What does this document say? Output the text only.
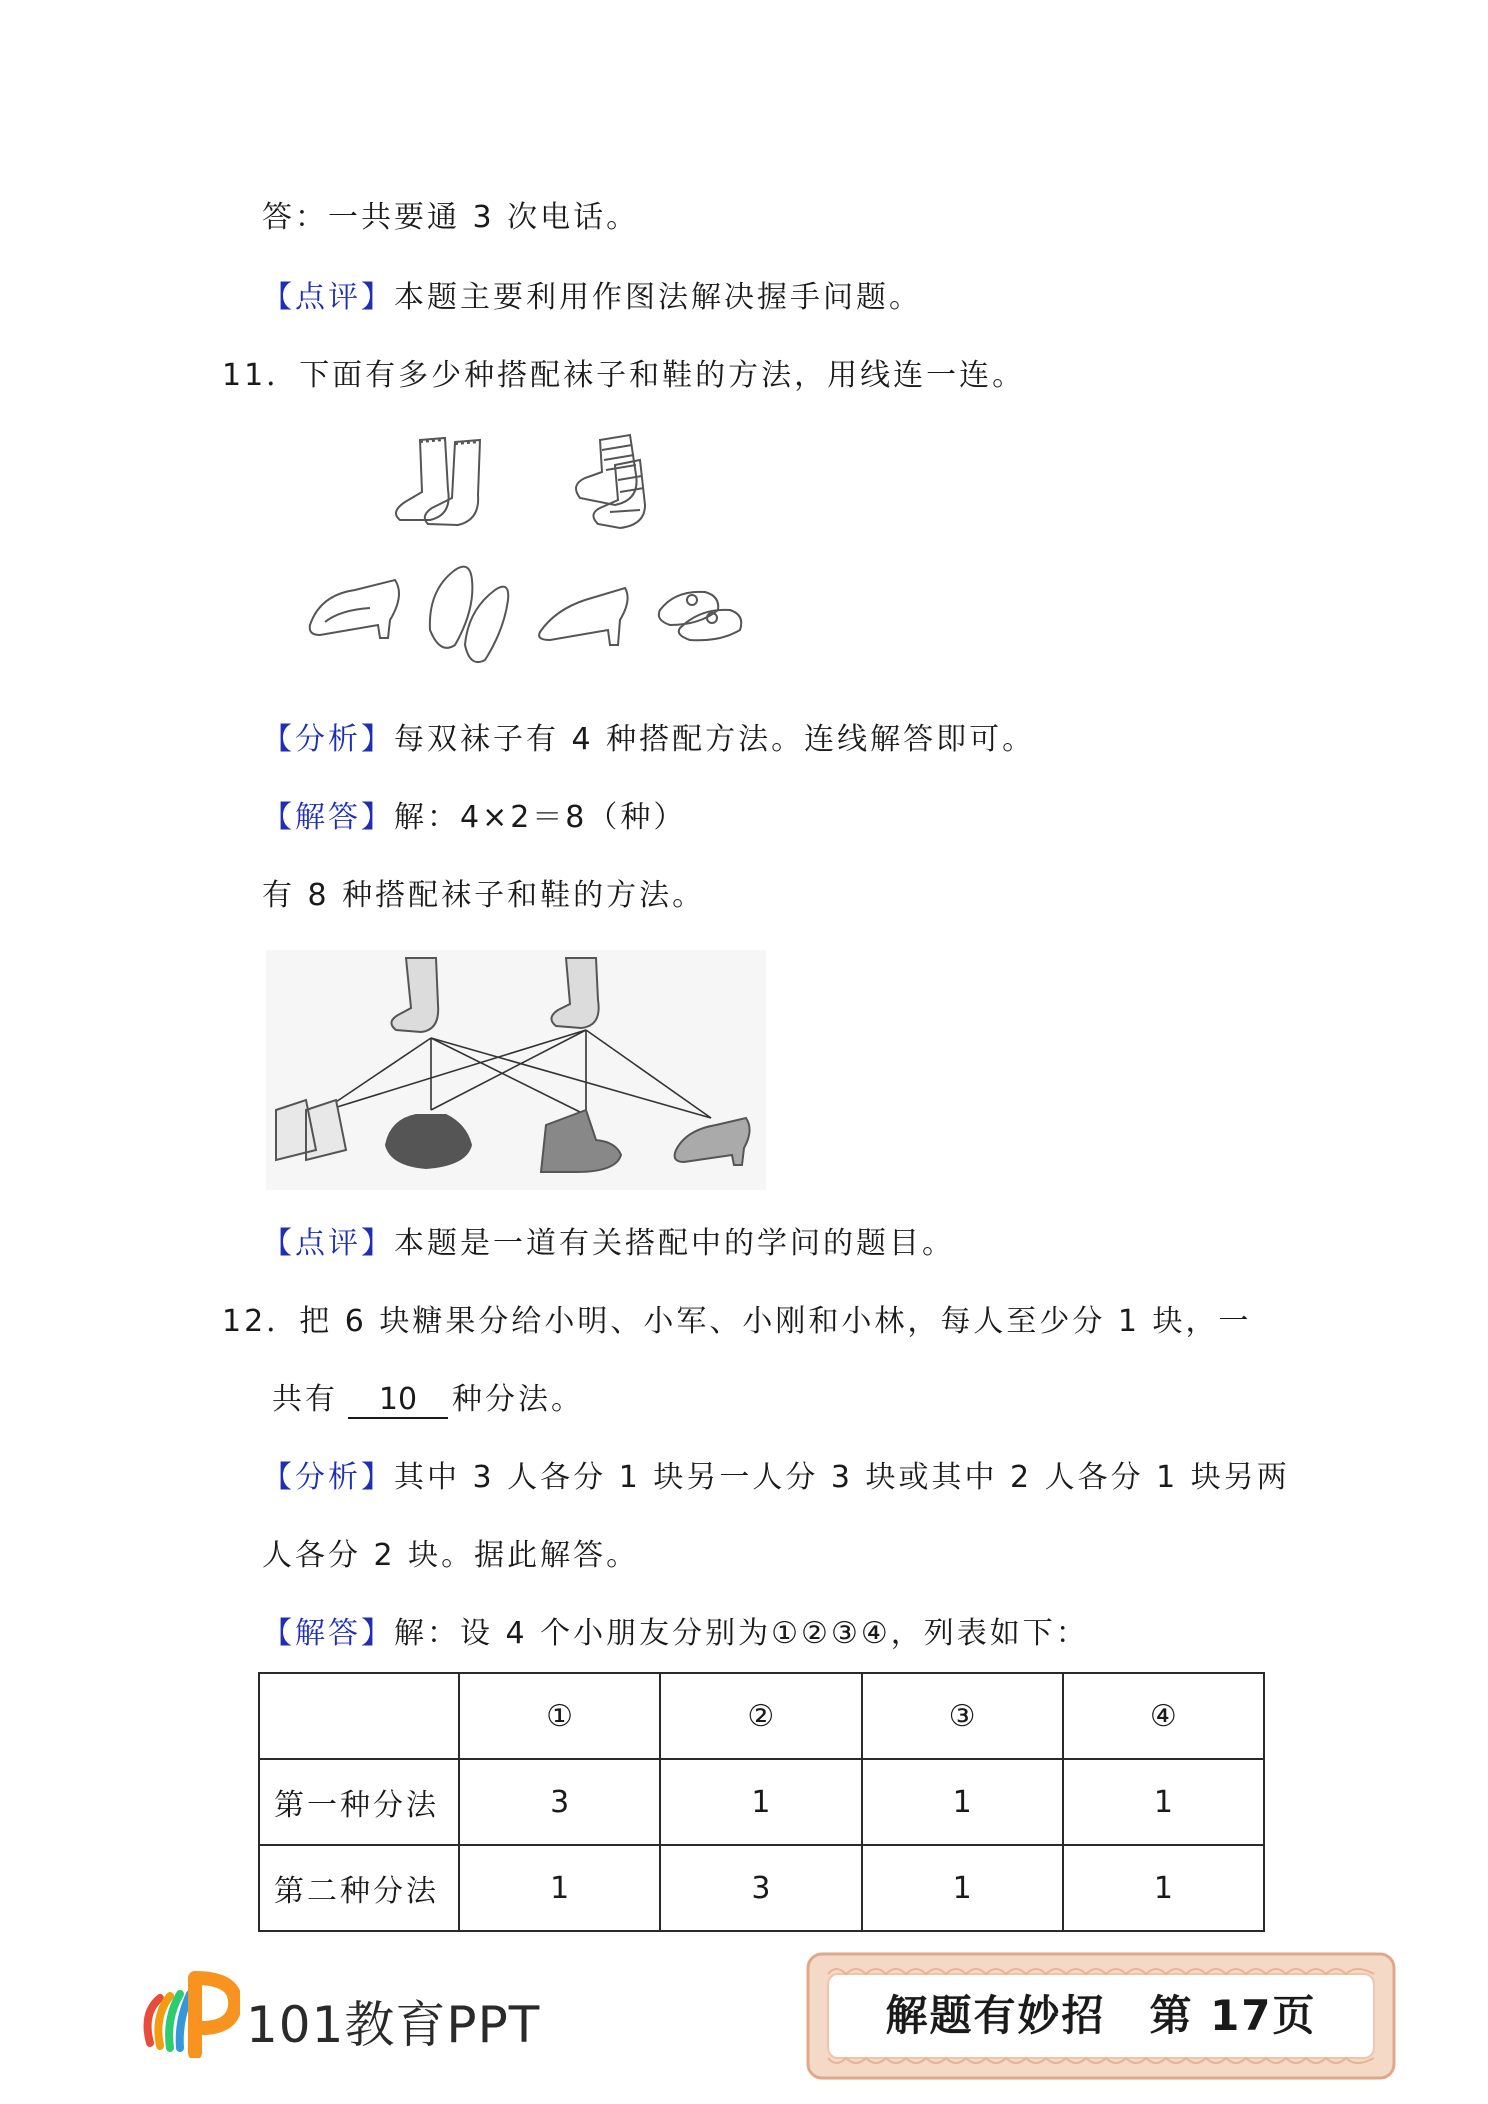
答：一共要通 3 次电话。
【点评】本题主要利用作图法解决握手问题。
11．下面有多少种搭配袜子和鞋的方法，用线连一连。
【分析】每双袜子有 4 种搭配方法。连线解答即可。
【解答】解：4×2＝8（种）
有 8 种搭配袜子和鞋的方法。
【点评】本题是一道有关搭配中的学问的题目。
12．把 6 块糖果分给小明、小军、小刚和小林，每人至少分 1 块，一
共有 10 种分法。
【分析】其中 3 人各分 1 块另一人分 3 块或其中 2 人各分 1 块另两
人各分 2 块。据此解答。
【解答】解：设 4 个小朋友分别为①②③④，列表如下：
	①	②	③	④
第一种分法	3	1	1	1
第二种分法	1	3	1	1
101教育PPT	解题有妙招　第 17页
